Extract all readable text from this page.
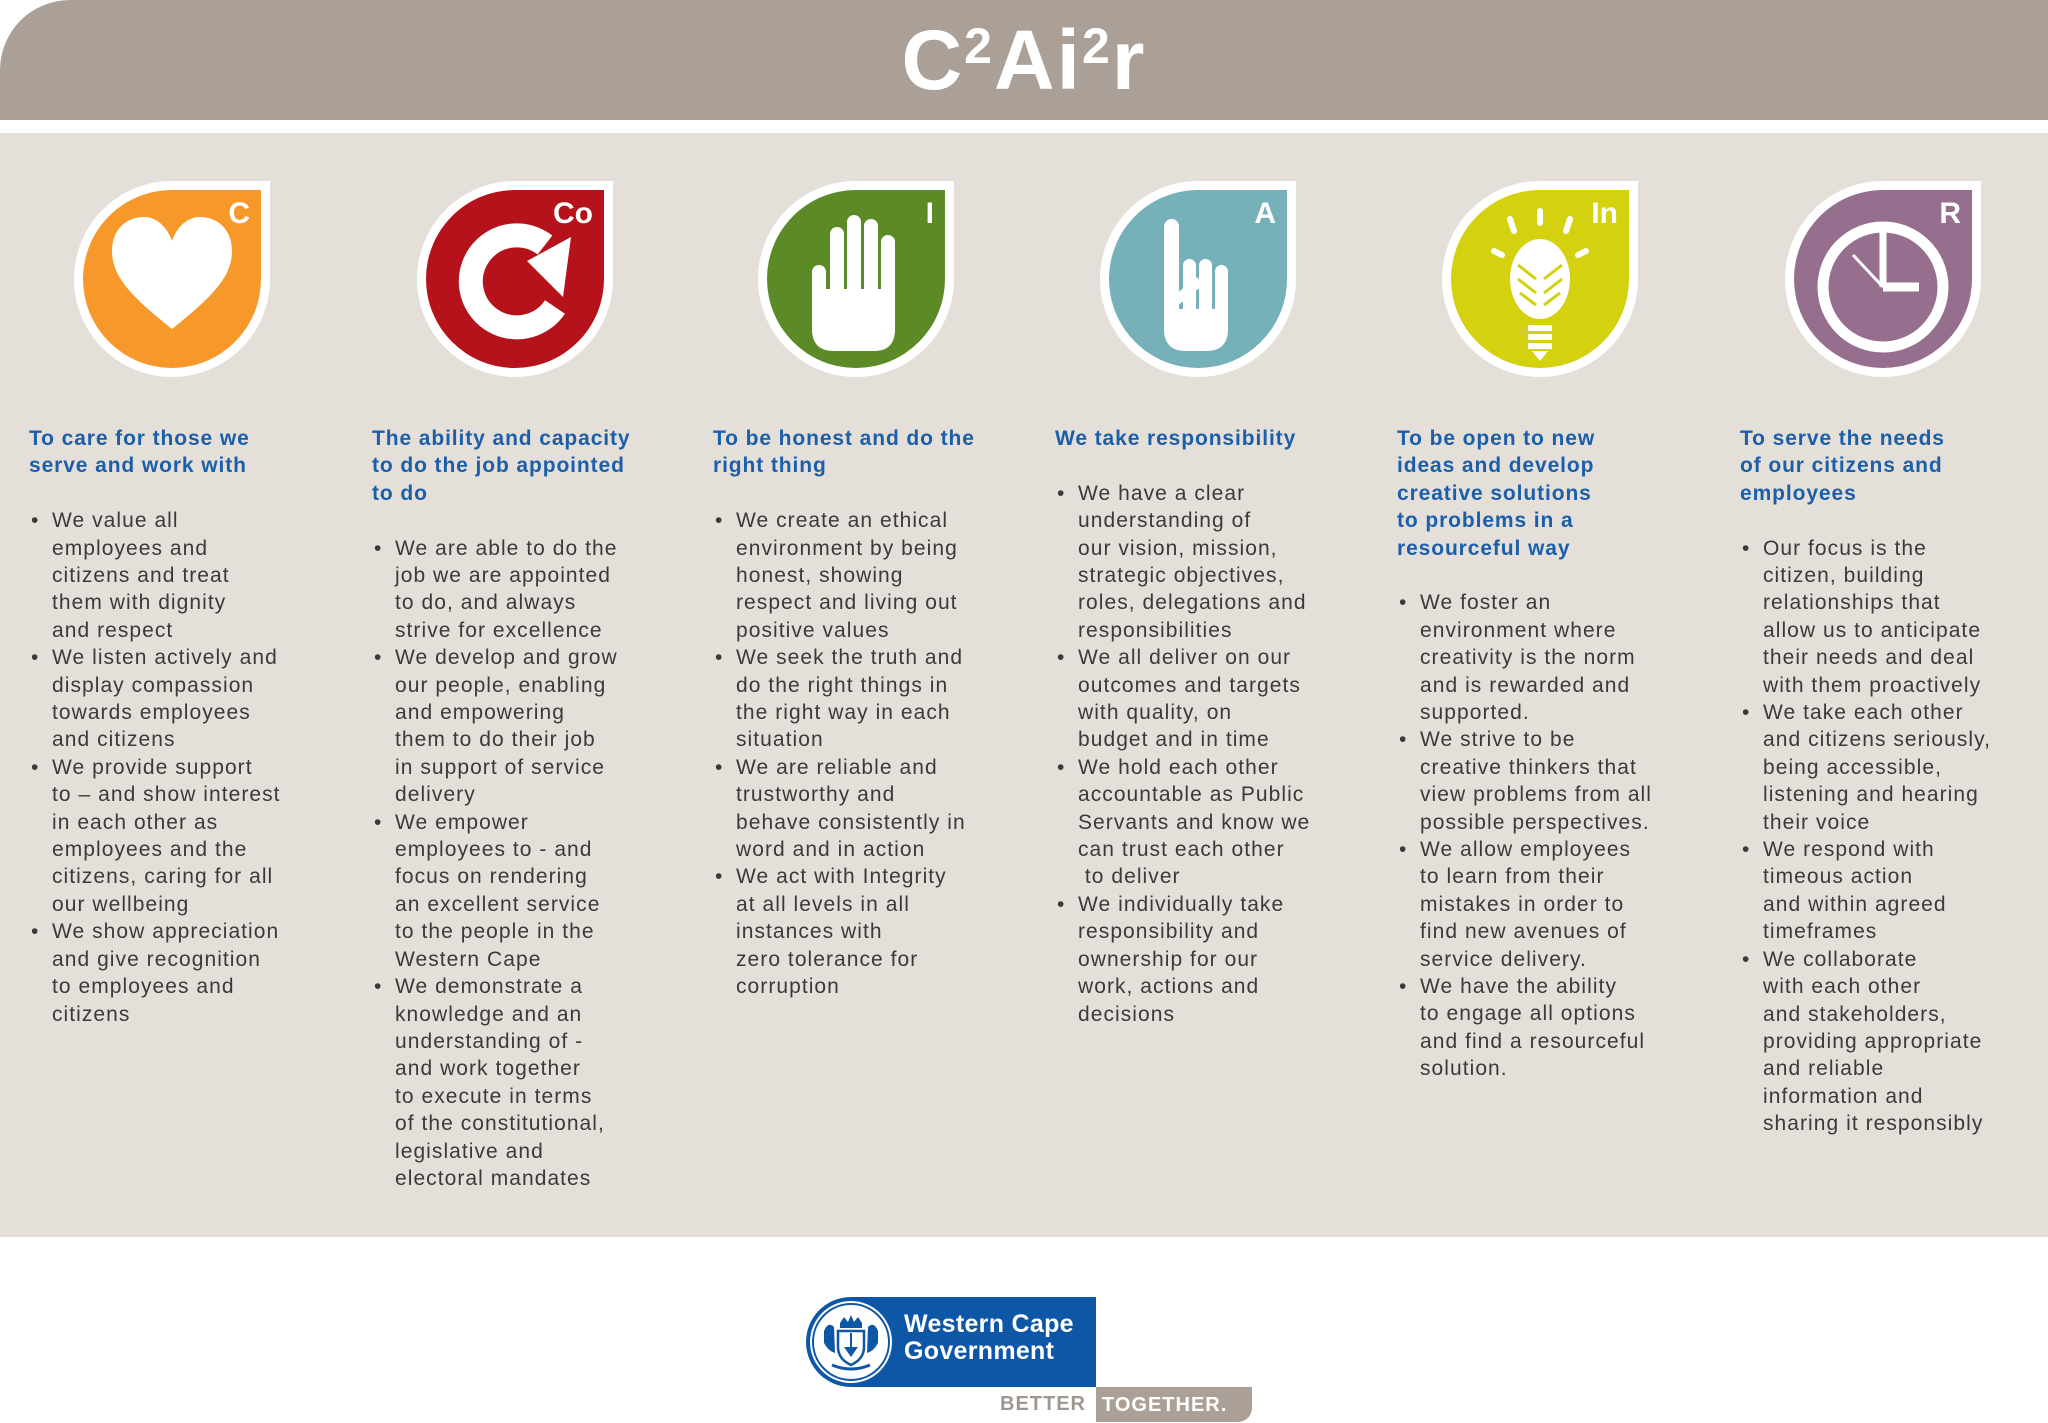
$C^2Ai^2r$
C
To care for those we
serve and work with
• We value all
employees and
citizens and treat
them with dignity
and respect
• We listen actively and
display compassion
towards employees
and citizens
• We provide support
to – and show interest
in each other as
employees and the
citizens, caring for all
our wellbeing
• We show appreciation
and give recognition
to employees and
citizens
Co
The ability and capacity
to do the job appointed
to do
• We are able to do the
job we are appointed
to do, and always
strive for excellence
• We develop and grow
our people, enabling
and empowering
them to do their job
in support of service
delivery
• We empower
employees to - and
focus on rendering
an excellent service
to the people in the
Western Cape
• We demonstrate a
knowledge and an
understanding of -
and work together
to execute in terms
of the constitutional,
legislative and
electoral mandates
I
To be honest and do the
right thing
• We create an ethical
environment by being
honest, showing
respect and living out
positive values
• We seek the truth and
do the right things in
the right way in each
situation
• We are reliable and
trustworthy and
behave consistently in
word and in action
• We act with Integrity
at all levels in all
instances with
zero tolerance for
corruption
A
We take responsibility
• We have a clear
understanding of
our vision, mission,
strategic objectives,
roles, delegations and
responsibilities
• We all deliver on our
outcomes and targets
with quality, on
budget and in time
• We hold each other
accountable as Public
Servants and know we
can trust each other
to deliver
• We individually take
responsibility and
ownership for our
work, actions and
decisions
In
To be open to new
ideas and develop
creative solutions
to problems in a
resourceful way
• We foster an
environment where
creativity is the norm
and is rewarded and
supported.
• We strive to be
creative thinkers that
view problems from all
possible perspectives.
• We allow employees
to learn from their
mistakes in order to
find new avenues of
service delivery.
• We have the ability
to engage all options
and find a resourceful
solution.
R
To serve the needs
of our citizens and
employees
• Our focus is the
citizen, building
relationships that
allow us to anticipate
their needs and deal
with them proactively
• We take each other
and citizens seriously,
being accessible,
listening and hearing
their voice
• We respond with
timeous action
and within agreed
timeframes
• We collaborate
with each other
and stakeholders,
providing appropriate
and reliable
information and
sharing it responsibly
Western Cape
Government
BETTER TOGETHER.
